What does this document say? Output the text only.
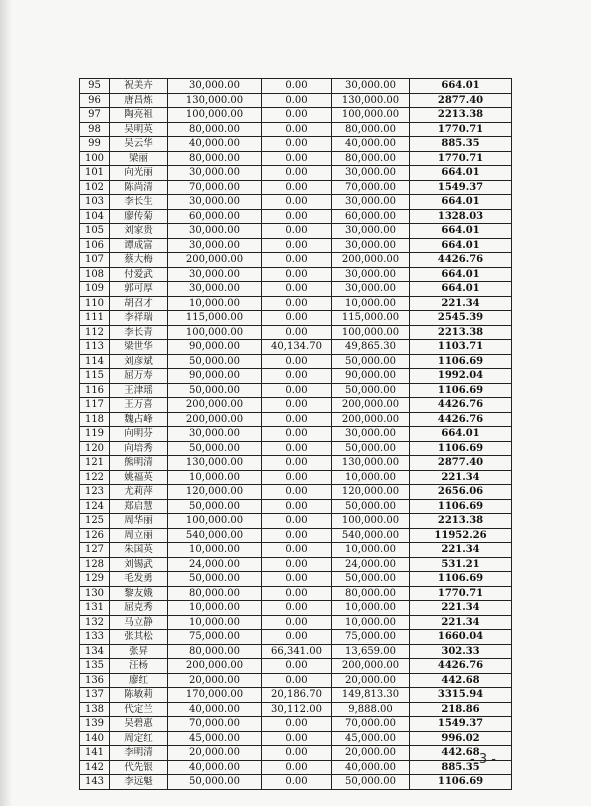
95	祝美卉	30,000.00	0.00	30,000.00	664.01
96	唐昌炼	130,000.00	0.00	130,000.00	2877.40
97	陶亮祖	100,000.00	0.00	100,000.00	2213.38
98	吴明英	80,000.00	0.00	80,000.00	1770.71
99	吴云华	40,000.00	0.00	40,000.00	885.35
100	梁丽	80,000.00	0.00	80,000.00	1770.71
101	向光丽	30,000.00	0.00	30,000.00	664.01
102	陈尚清	70,000.00	0.00	70,000.00	1549.37
103	李长生	30,000.00	0.00	30,000.00	664.01
104	廖传菊	60,000.00	0.00	60,000.00	1328.03
105	刘家贵	30,000.00	0.00	30,000.00	664.01
106	谭成富	30,000.00	0.00	30,000.00	664.01
107	蔡大梅	200,000.00	0.00	200,000.00	4426.76
108	付爱武	30,000.00	0.00	30,000.00	664.01
109	郭可厚	30,000.00	0.00	30,000.00	664.01
110	胡召才	10,000.00	0.00	10,000.00	221.34
111	李祥瑞	115,000.00	0.00	115,000.00	2545.39
112	李长青	100,000.00	0.00	100,000.00	2213.38
113	梁世华	90,000.00	40,134.70	49,865.30	1103.71
114	刘彦斌	50,000.00	0.00	50,000.00	1106.69
115	屈万寿	90,000.00	0.00	90,000.00	1992.04
116	王津瑶	50,000.00	0.00	50,000.00	1106.69
117	王万喜	200,000.00	0.00	200,000.00	4426.76
118	魏占峰	200,000.00	0.00	200,000.00	4426.76
119	向明芬	30,000.00	0.00	30,000.00	664.01
120	向培秀	50,000.00	0.00	50,000.00	1106.69
121	熊明清	130,000.00	0.00	130,000.00	2877.40
122	姚福英	10,000.00	0.00	10,000.00	221.34
123	尤莉萍	120,000.00	0.00	120,000.00	2656.06
124	郑启慧	50,000.00	0.00	50,000.00	1106.69
125	周华丽	100,000.00	0.00	100,000.00	2213.38
126	周立丽	540,000.00	0.00	540,000.00	11952.26
127	朱国英	10,000.00	0.00	10,000.00	221.34
128	刘锡武	24,000.00	0.00	24,000.00	531.21
129	毛发勇	50,000.00	0.00	50,000.00	1106.69
130	黎友娥	80,000.00	0.00	80,000.00	1770.71
131	屈克秀	10,000.00	0.00	10,000.00	221.34
132	马立静	10,000.00	0.00	10,000.00	221.34
133	张其松	75,000.00	0.00	75,000.00	1660.04
134	张昇	80,000.00	66,341.00	13,659.00	302.33
135	汪杨	200,000.00	0.00	200,000.00	4426.76
136	廖红	20,000.00	0.00	20,000.00	442.68
137	陈敏莉	170,000.00	20,186.70	149,813.30	3315.94
138	代定兰	40,000.00	30,112.00	9,888.00	218.86
139	吴碧惠	70,000.00	0.00	70,000.00	1549.37
140	周定红	45,000.00	0.00	45,000.00	996.02
141	李明清	20,000.00	0.00	20,000.00	442.68
142	代先银	40,000.00	0.00	40,000.00	885.35
143	李远魁	50,000.00	0.00	50,000.00	1106.69
- 3 -
